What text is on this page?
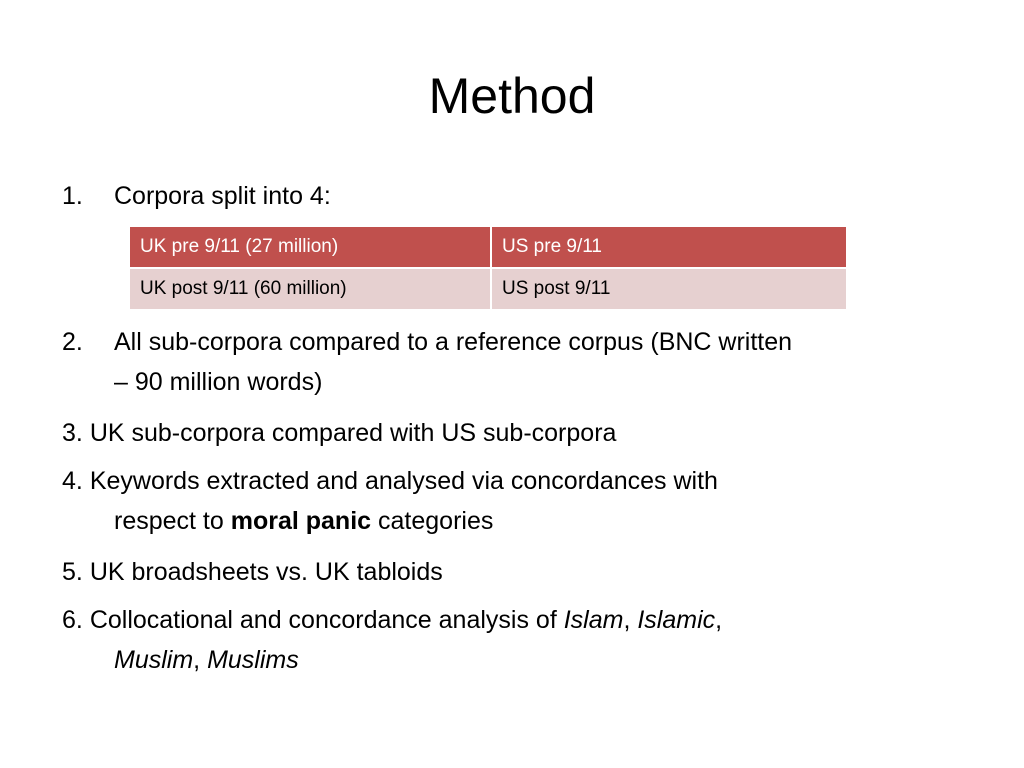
Method
1. Corpora split into 4:
UK pre 9/11 (27 million)	US pre 9/11
UK post 9/11 (60 million)	US post 9/11
2. All sub-corpora compared to a reference corpus (BNC written
– 90 million words)
3. UK sub-corpora compared with US sub-corpora
4. Keywords extracted and analysed via concordances with
respect to moral panic categories
5. UK broadsheets vs. UK tabloids
6. Collocational and concordance analysis of Islam, Islamic,
Muslim, Muslims
